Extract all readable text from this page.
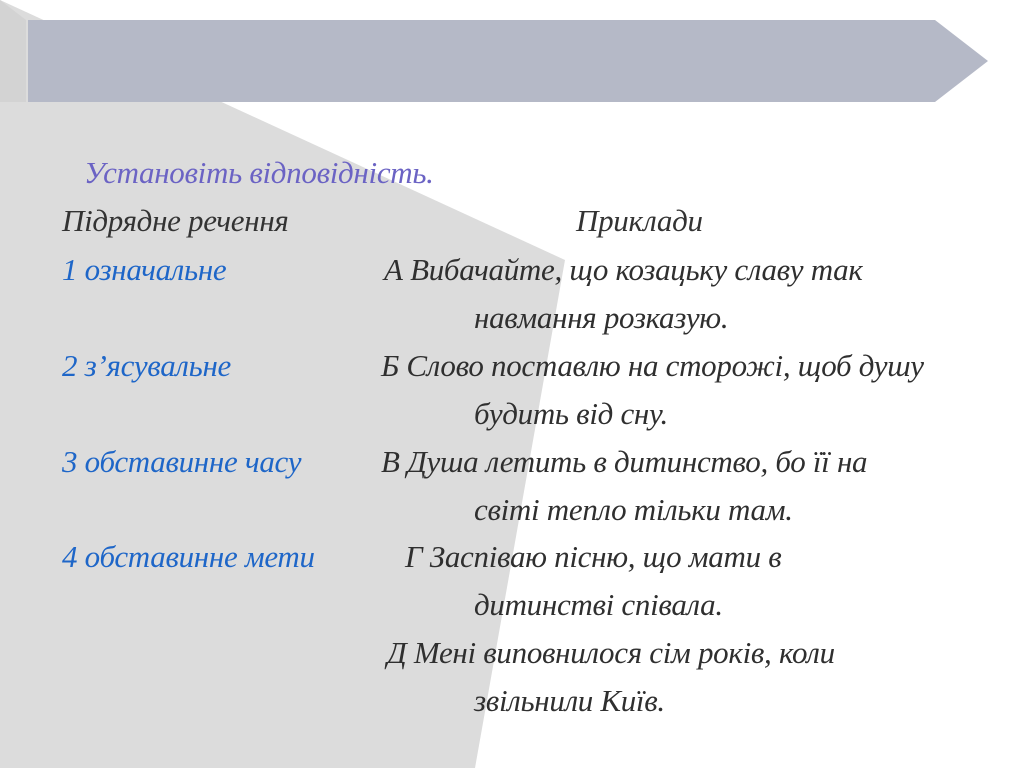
Установіть відповідність.
Підрядне речення	Приклади
1 означальне
2 з’ясувальне
3 обставинне часу
4 обставинне мети
А Вибачайте, що козацьку славу так
навмання розказую.
Б Слово поставлю на сторожі, щоб душу
будить від сну.
В Душа летить в дитинство, бо її на
світі тепло тільки там.
Г Заспіваю пісню, що мати в
дитинстві співала.
Д Мені виповнилося сім років, коли
звільнили Київ.
